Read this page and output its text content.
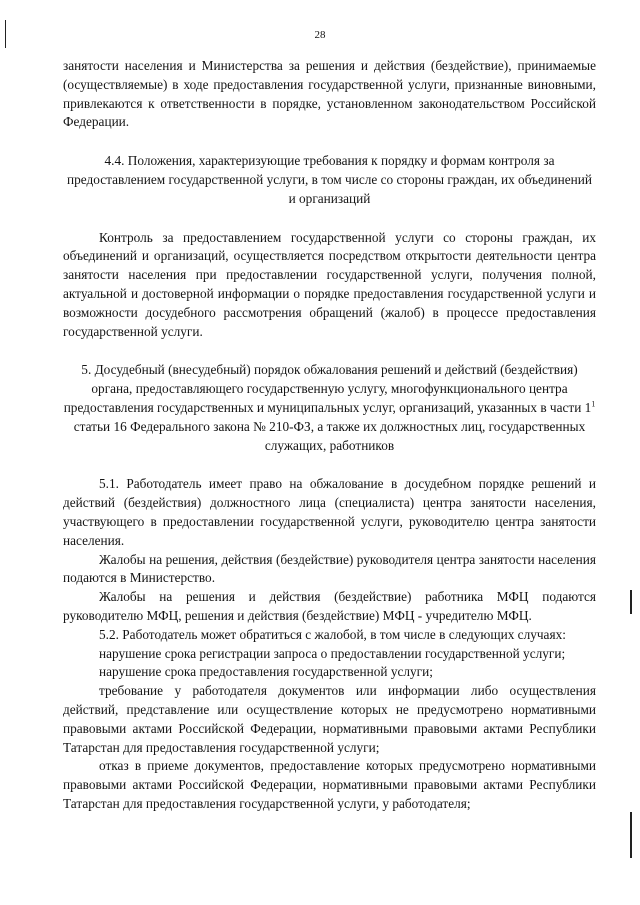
28

занятости населения и Министерства за решения и действия (бездействие), принимаемые (осуществляемые) в ходе предоставления государственной услуги, признанные виновными, привлекаются к ответственности в порядке, установленном законодательством Российской Федерации.

4.4. Положения, характеризующие требования к порядку и формам контроля за предоставлением государственной услуги, в том числе со стороны граждан, их объединений и организаций

Контроль за предоставлением государственной услуги со стороны граждан, их объединений и организаций, осуществляется посредством открытости деятельности центра занятости населения при предоставлении государственной услуги, получения полной, актуальной и достоверной информации о порядке предоставления государственной услуги и возможности досудебного рассмотрения обращений (жалоб) в процессе предоставления государственной услуги.

5. Досудебный (внесудебный) порядок обжалования решений и действий (бездействия) органа, предоставляющего государственную услугу, многофункционального центра предоставления государственных и муниципальных услуг, организаций, указанных в части $1^1$ статьи 16 Федерального закона № 210-ФЗ, а также их должностных лиц, государственных служащих, работников

5.1. Работодатель имеет право на обжалование в досудебном порядке решений и действий (бездействия) должностного лица (специалиста) центра занятости населения, участвующего в предоставлении государственной услуги, руководителю центра занятости населения.

Жалобы на решения, действия (бездействие) руководителя центра занятости населения подаются в Министерство.

Жалобы на решения и действия (бездействие) работника МФЦ подаются руководителю МФЦ, решения и действия (бездействие) МФЦ - учредителю МФЦ.

5.2. Работодатель может обратиться с жалобой, в том числе в следующих случаях:

нарушение срока регистрации запроса о предоставлении государственной услуги;

нарушение срока предоставления государственной услуги;

требование у работодателя документов или информации либо осуществления действий, представление или осуществление которых не предусмотрено нормативными правовыми актами Российской Федерации, нормативными правовыми актами Республики Татарстан для предоставления государственной услуги;

отказ в приеме документов, предоставление которых предусмотрено нормативными правовыми актами Российской Федерации, нормативными правовыми актами Республики Татарстан для предоставления государственной услуги, у работодателя;
